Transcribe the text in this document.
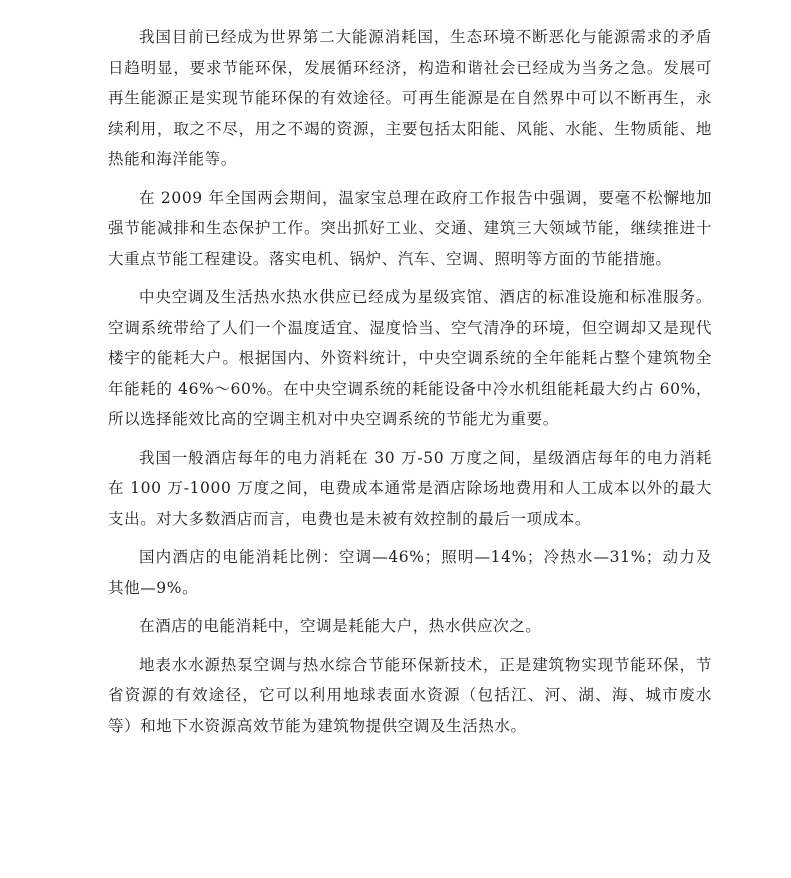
我国目前已经成为世界第二大能源消耗国，生态环境不断恶化与能源需求的矛盾日趋明显，要求节能环保，发展循环经济，构造和谐社会已经成为当务之急。发展可再生能源正是实现节能环保的有效途径。可再生能源是在自然界中可以不断再生，永续利用，取之不尽，用之不竭的资源，主要包括太阳能、风能、水能、生物质能、地热能和海洋能等。

在 2009 年全国两会期间，温家宝总理在政府工作报告中强调，要毫不松懈地加强节能减排和生态保护工作。突出抓好工业、交通、建筑三大领域节能，继续推进十大重点节能工程建设。落实电机、锅炉、汽车、空调、照明等方面的节能措施。

中央空调及生活热水热水供应已经成为星级宾馆、酒店的标准设施和标准服务。空调系统带给了人们一个温度适宜、湿度恰当、空气清净的环境，但空调却又是现代楼宇的能耗大户。根据国内、外资料统计，中央空调系统的全年能耗占整个建筑物全年能耗的 46%～60%。在中央空调系统的耗能设备中冷水机组能耗最大约占 60%，所以选择能效比高的空调主机对中央空调系统的节能尤为重要。

我国一般酒店每年的电力消耗在 30 万-50 万度之间，星级酒店每年的电力消耗在 100 万-1000 万度之间，电费成本通常是酒店除场地费用和人工成本以外的最大支出。对大多数酒店而言，电费也是未被有效控制的最后一项成本。

国内酒店的电能消耗比例：空调—46%；照明—14%；冷热水—31%；动力及其他—9%。

在酒店的电能消耗中，空调是耗能大户，热水供应次之。

地表水水源热泵空调与热水综合节能环保新技术，正是建筑物实现节能环保，节省资源的有效途径，它可以利用地球表面水资源（包括江、河、湖、海、城市废水等）和地下水资源高效节能为建筑物提供空调及生活热水。
